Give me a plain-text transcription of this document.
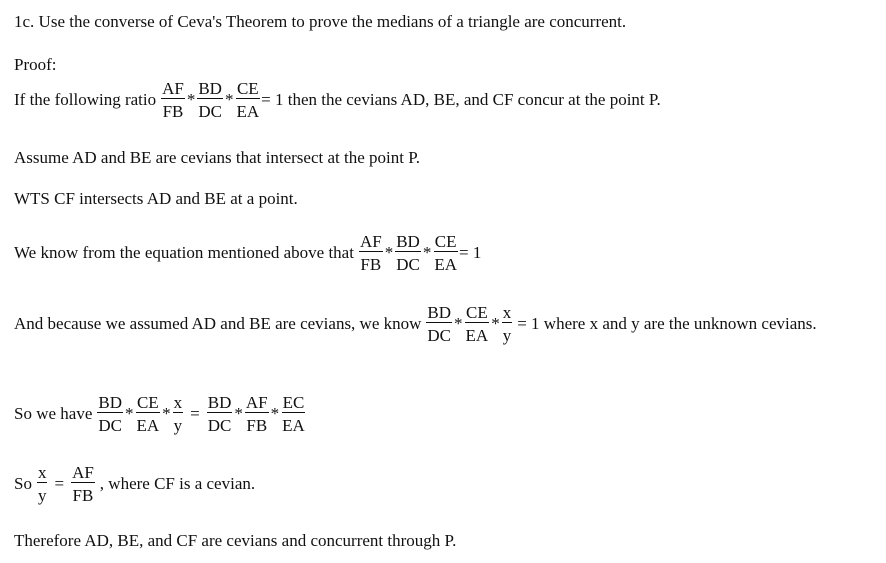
1c. Use the converse of Ceva's Theorem to prove the medians of a triangle are concurrent.
Proof:
If the following ratio $\frac{AF}{FB} * \frac{BD}{DC} * \frac{CE}{EA} = 1$ then the cevians AD, BE, and CF concur at the point P.
Assume AD and BE are cevians that intersect at the point P.
WTS CF intersects AD and BE at a point.
We know from the equation mentioned above that $\frac{AF}{FB} * \frac{BD}{DC} * \frac{CE}{EA} = 1$
And because we assumed AD and BE are cevians, we know $\frac{BD}{DC} * \frac{CE}{EA} * \frac{x}{y} = 1$ where x and y are the unknown cevians.
So we have $\frac{BD}{DC} * \frac{CE}{EA} * \frac{x}{y} = \frac{BD}{DC} * \frac{AF}{FB} * \frac{EC}{EA}$
So $\frac{x}{y} = \frac{AF}{FB}$ , where CF is a cevian.
Therefore AD, BE, and CF are cevians and concurrent through P.
